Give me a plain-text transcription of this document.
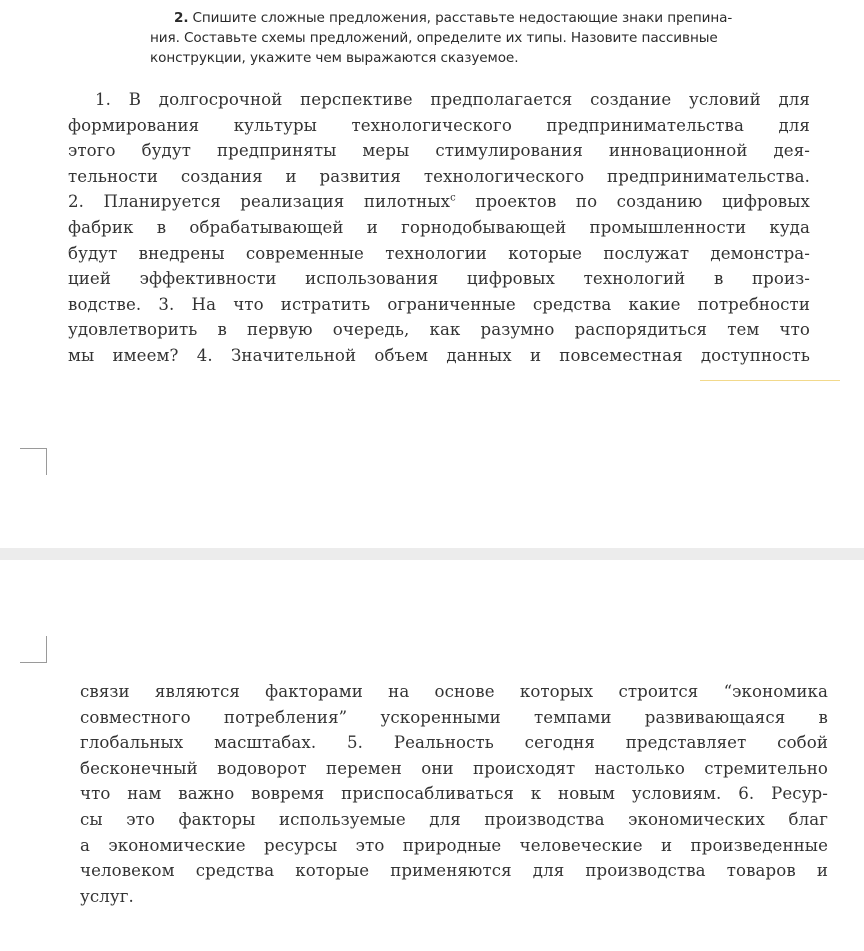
2. Спишите сложные предложения, расставьте недостающие знаки препина-
ния. Составьте схемы предложений, определите их типы. Назовите пассивные
конструкции, укажите чем выражаются сказуемое.
1. В долгосрочной перспективе предполагается создание условий для
формирования культуры технологического предпринимательства для
этого будут предприняты меры стимулирования инновационной дея-
тельности создания и развития технологического предпринимательства.
2. Планируется реализация пилотных$^с$ проектов по созданию цифровых
фабрик в обрабатывающей и горнодобывающей промышленности куда
будут внедрены современные технологии которые послужат демонстра-
цией эффективности использования цифровых технологий в произ-
водстве. 3. На что истратить ограниченные средства какие потребности
удовлетворить в первую очередь, как разумно распорядиться тем что
мы имеем? 4. Значительной объем данных и повсеместная доступность
связи являются факторами на основе которых строится “экономика
совместного потребления” ускоренными темпами развивающаяся в
глобальных масштабах. 5. Реальность сегодня представляет собой
бесконечный водоворот перемен они происходят настолько стремительно
что нам важно вовремя приспосабливаться к новым условиям. 6. Ресур-
сы это факторы используемые для производства экономических благ
а экономические ресурсы это природные человеческие и произведенные
человеком средства которые применяются для производства товаров и
услуг.
